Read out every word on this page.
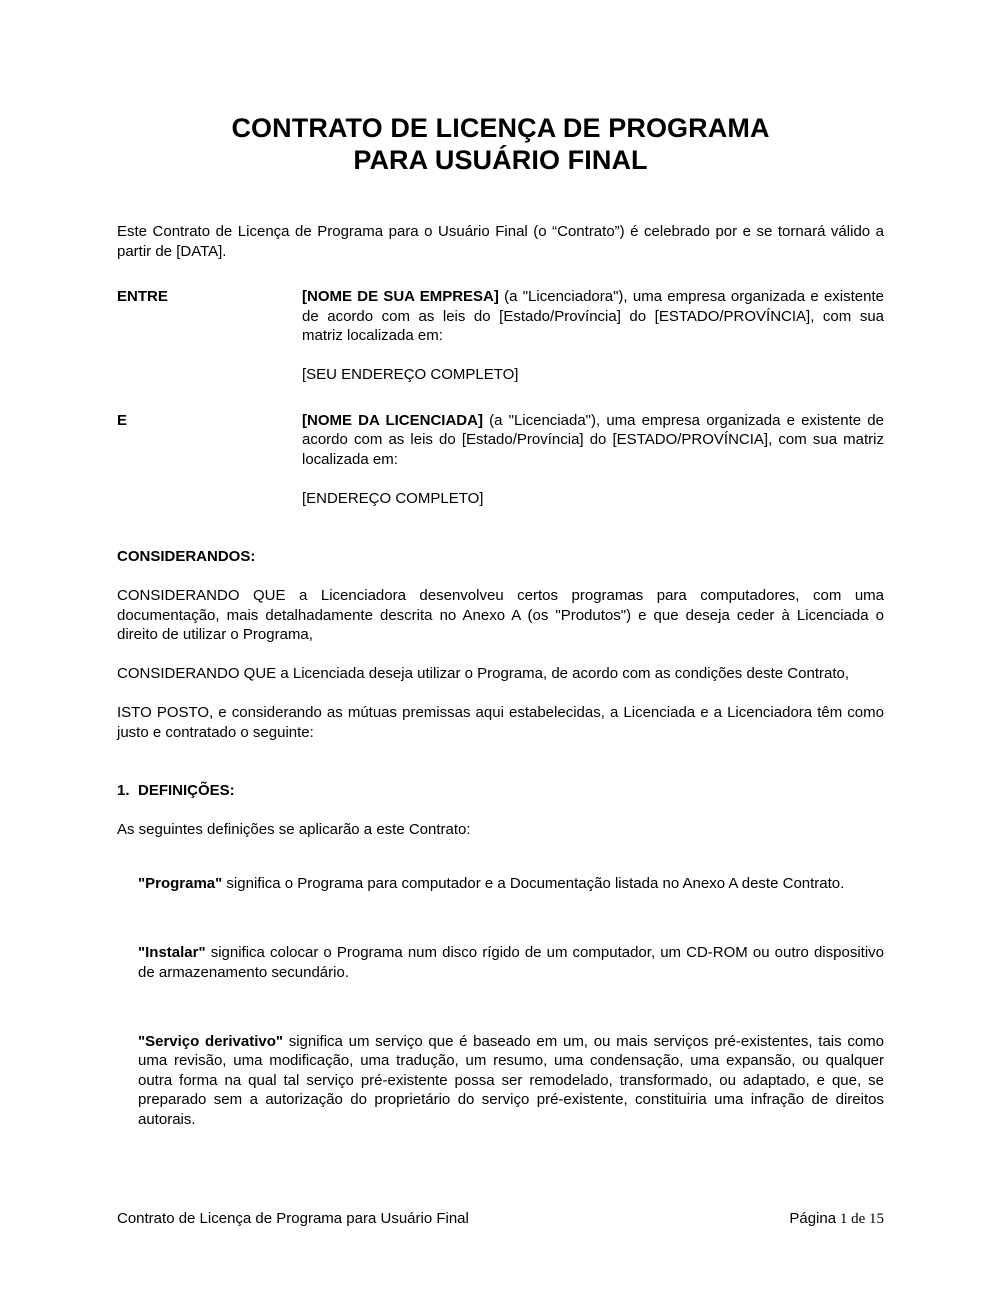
CONTRATO DE LICENÇA DE PROGRAMA
PARA USUÁRIO FINAL

Este Contrato de Licença de Programa para o Usuário Final (o “Contrato”) é celebrado por e se tornará válido a partir de [DATA].

ENTRE	[NOME DE SUA EMPRESA] (a "Licenciadora"), uma empresa organizada e existente de acordo com as leis do [Estado/Província] do [ESTADO/PROVÍNCIA], com sua matriz localizada em:
[SEU ENDEREÇO COMPLETO]
E	[NOME DA LICENCIADA] (a "Licenciada"), uma empresa organizada e existente de acordo com as leis do [Estado/Província] do [ESTADO/PROVÍNCIA], com sua matriz localizada em:
[ENDEREÇO COMPLETO]

CONSIDERANDOS:

CONSIDERANDO QUE a Licenciadora desenvolveu certos programas para computadores, com uma documentação, mais detalhadamente descrita no Anexo A (os "Produtos") e que deseja ceder à Licenciada o direito de utilizar o Programa,

CONSIDERANDO QUE a Licenciada deseja utilizar o Programa, de acordo com as condições deste Contrato,

ISTO POSTO, e considerando as mútuas premissas aqui estabelecidas, a Licenciada e a Licenciadora têm como justo e contratado o seguinte:

1. DEFINIÇÕES:

As seguintes definições se aplicarão a este Contrato:

"Programa" significa o Programa para computador e a Documentação listada no Anexo A deste Contrato.

"Instalar" significa colocar o Programa num disco rígido de um computador, um CD-ROM ou outro dispositivo de armazenamento secundário.

"Serviço derivativo" significa um serviço que é baseado em um, ou mais serviços pré-existentes, tais como uma revisão, uma modificação, uma tradução, um resumo, uma condensação, uma expansão, ou qualquer outra forma na qual tal serviço pré-existente possa ser remodelado, transformado, ou adaptado, e que, se preparado sem a autorização do proprietário do serviço pré-existente, constituiria uma infração de direitos autorais.

Contrato de Licença de Programa para Usuário Final	Página 1 de 15
